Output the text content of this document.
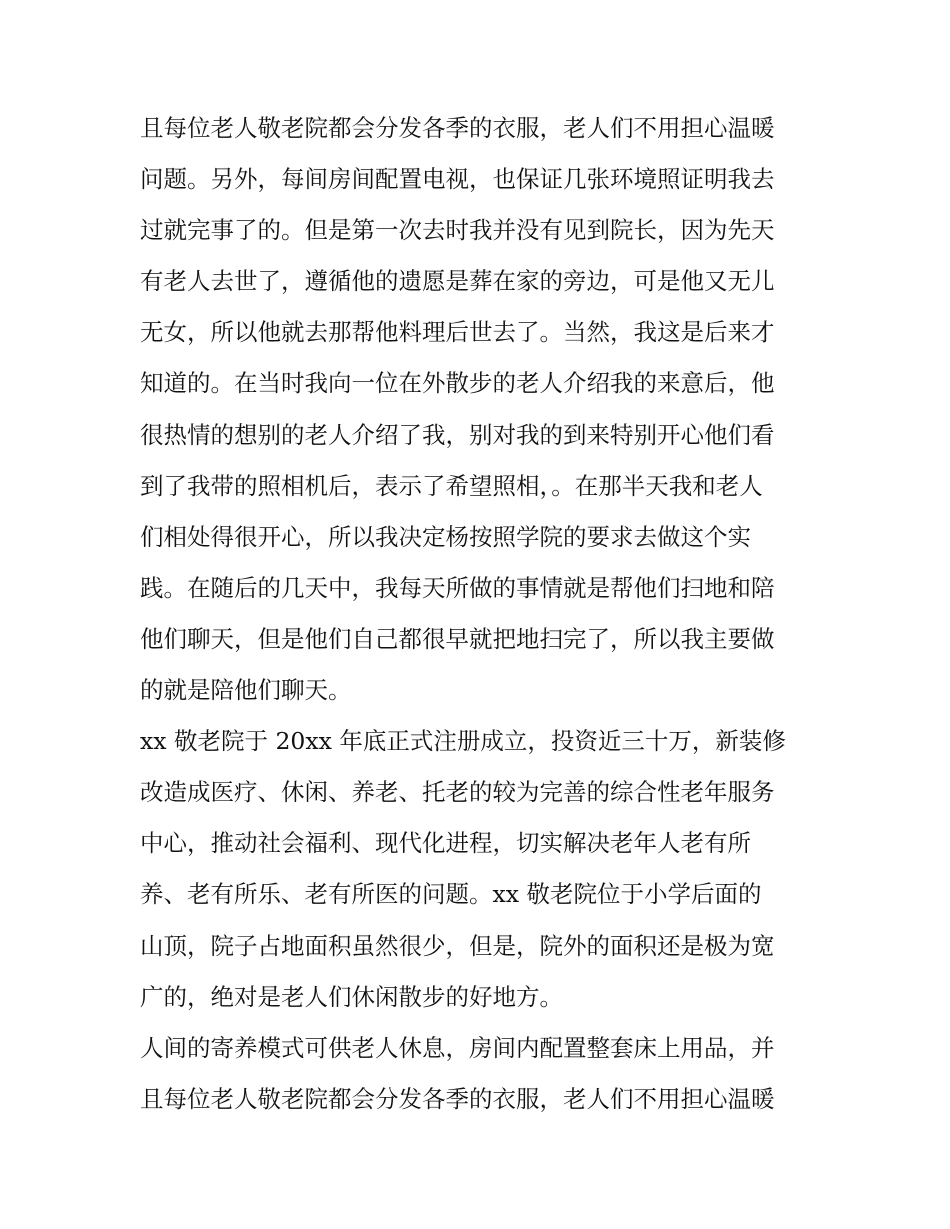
且每位老人敬老院都会分发各季的衣服，老人们不用担心温暖
问题。另外，每间房间配置电视，也保证几张环境照证明我去
过就完事了的。但是第一次去时我并没有见到院长，因为先天
有老人去世了，遵循他的遗愿是葬在家的旁边，可是他又无儿
无女，所以他就去那帮他料理后世去了。当然，我这是后来才
知道的。在当时我向一位在外散步的老人介绍我的来意后，他
很热情的想别的老人介绍了我，别对我的到来特别开心他们看
到了我带的照相机后，表示了希望照相，。在那半天我和老人
们相处得很开心，所以我决定杨按照学院的要求去做这个实
践。在随后的几天中，我每天所做的事情就是帮他们扫地和陪
他们聊天，但是他们自己都很早就把地扫完了，所以我主要做
的就是陪他们聊天。
xx 敬老院于 20xx 年底正式注册成立，投资近三十万，新装修
改造成医疗、休闲、养老、托老的较为完善的综合性老年服务
中心，推动社会福利、现代化进程，切实解决老年人老有所
养、老有所乐、老有所医的问题。xx 敬老院位于小学后面的
山顶，院子占地面积虽然很少，但是，院外的面积还是极为宽
广的，绝对是老人们休闲散步的好地方。
人间的寄养模式可供老人休息，房间内配置整套床上用品，并
且每位老人敬老院都会分发各季的衣服，老人们不用担心温暖
